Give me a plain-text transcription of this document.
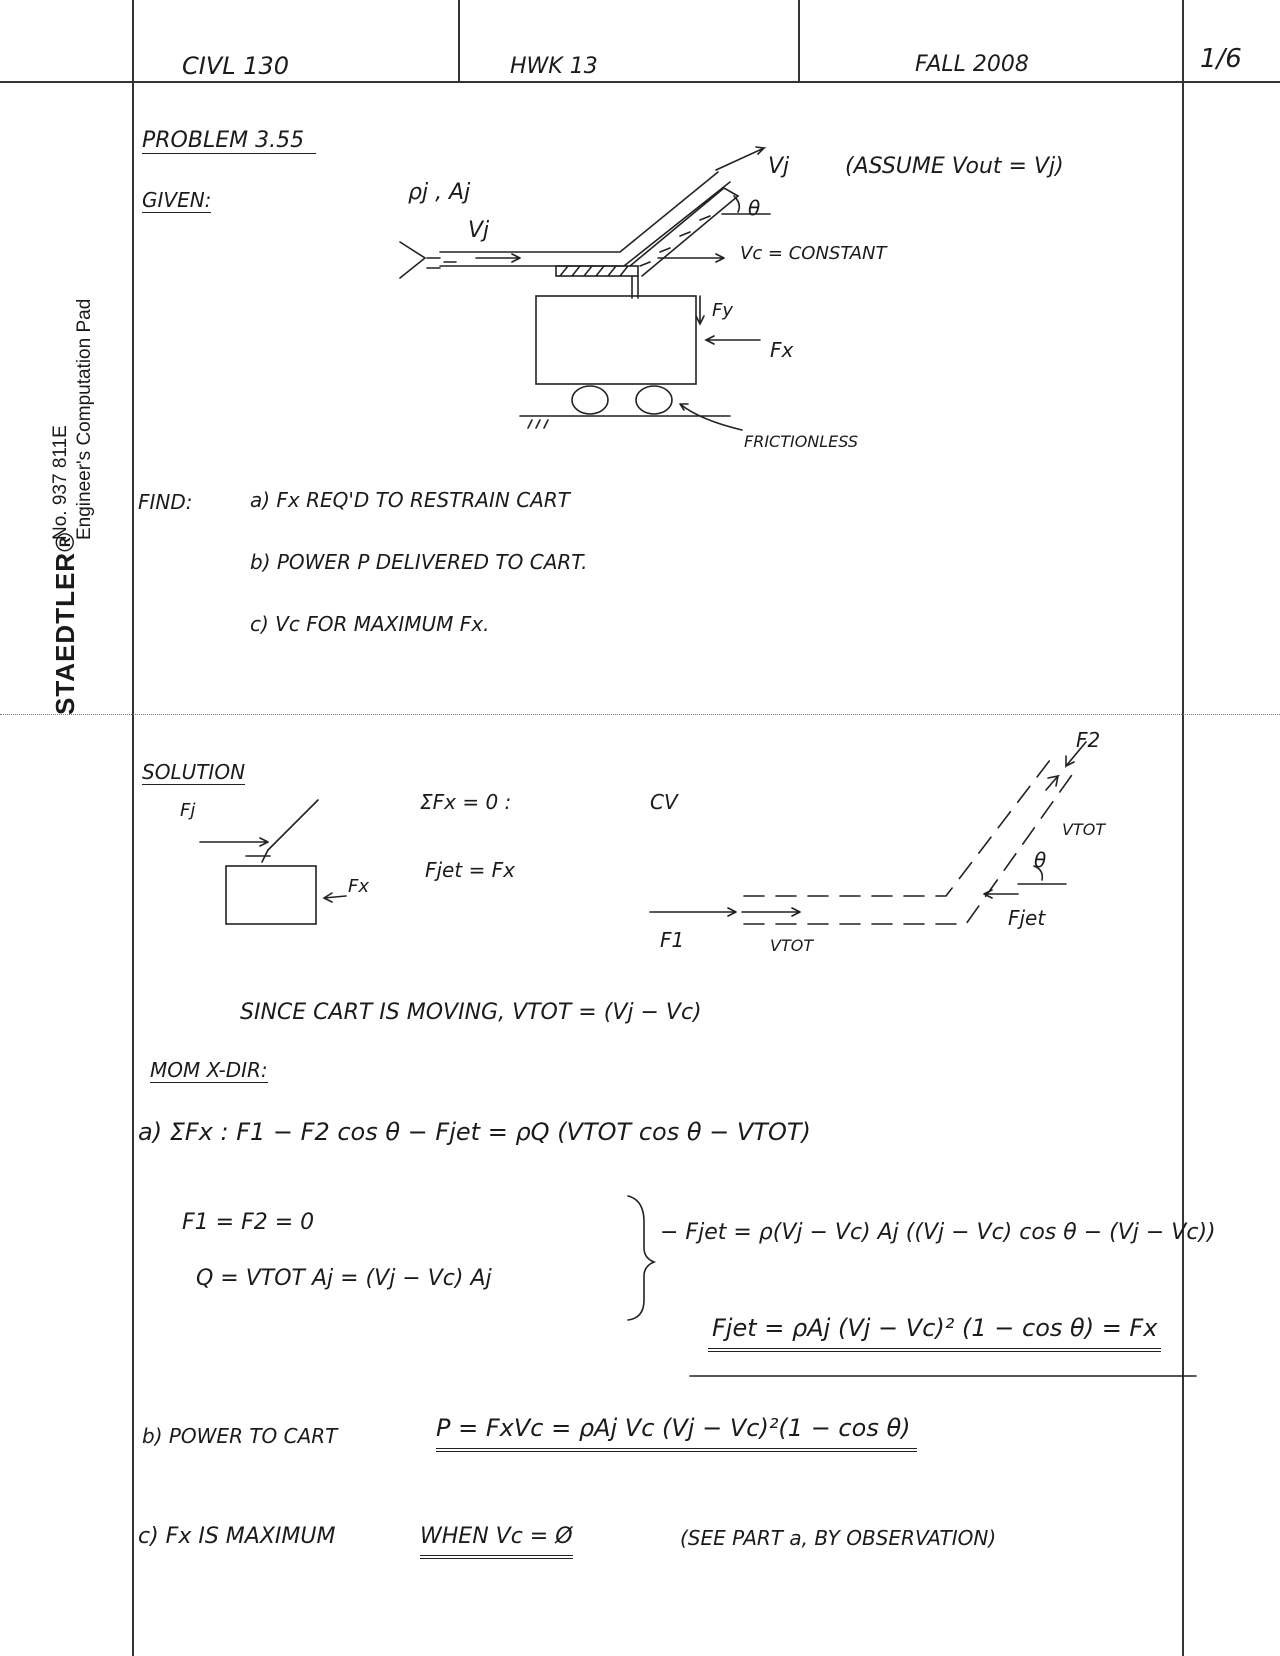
STAEDTLER®
No. 937 811E Engineer's Computation Pad
CIVL 130	HWK 13	FALL 2008	1/6
PROBLEM 3.55
GIVEN:	ρj , Aj
Vj
Vj	(ASSUME Vout = Vj)
θ
Vc = CONSTANT
Fy
Fx
FRICTIONLESS
FIND:	a) Fx REQ'D TO RESTRAIN CART
b) POWER P DELIVERED TO CART.
c) Vc FOR MAXIMUM Fx.
SOLUTION
Fj
Fx
ΣFx = 0 :
Fjet = Fx
CV
F1
F2
VTOT
VTOT
θ
Fjet
SINCE CART IS MOVING, VTOT = (Vj − Vc)
MOM X-DIR:
a) ΣFx : F1 − F2 cos θ − Fjet = ρQ (VTOT cos θ − VTOT)
F1 = F2 = 0
Q = VTOT Aj = (Vj − Vc) Aj
− Fjet = ρ(Vj − Vc) Aj ((Vj − Vc) cos θ − (Vj − Vc))
Fjet = ρAj (Vj − Vc)² (1 − cos θ) = Fx
b) POWER TO CART	P = FxVc = ρAj Vc (Vj − Vc)²(1 − cos θ)
c) Fx IS MAXIMUM	WHEN Vc = Ø	(SEE PART a, BY OBSERVATION)
